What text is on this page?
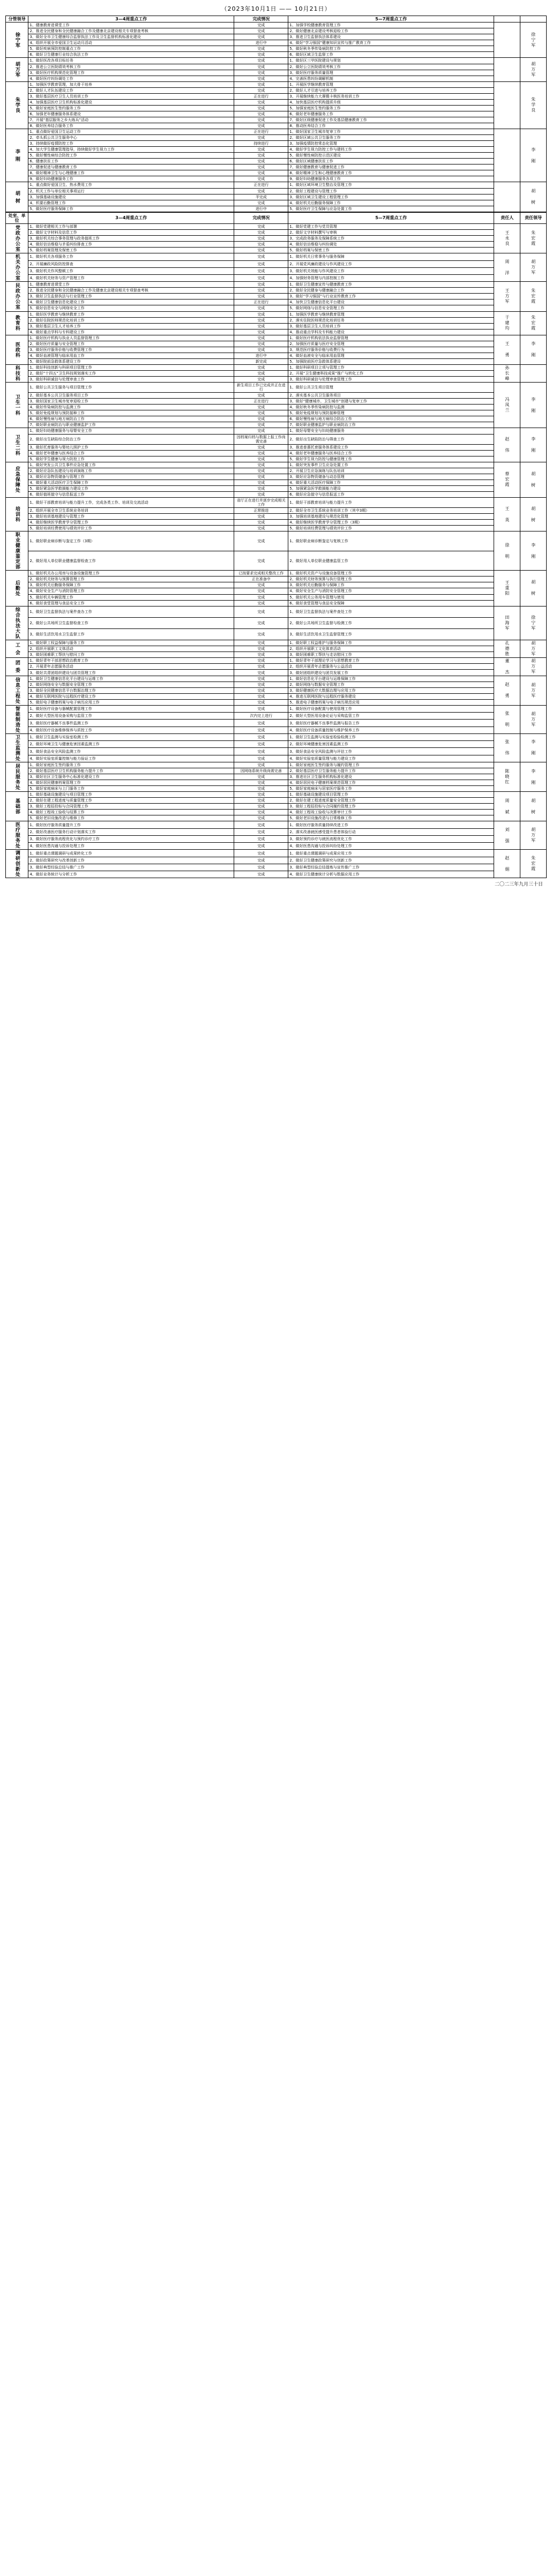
（2023年10月1日 —— 10月21日）
分管领导	3—4周重点工作	完成情况	5—7周重点工作		
徐宁军	1、健康教育进课堂工作	完成	1、加强学校健康教育管理工作		徐宁军
	2、推进全民健身和全民健康融合工作及健康北京建设相关专项督查考核	完成	2、做好健康北京建设考核迎检工作		
	3、做好全市卫生健康综合监督执法工作及卫生监督机构标准化建设	完成	3、推进卫生监督执法体系建设		
	4、组织开展全市爱国卫生运动月活动	进行中	4、做好“学习强国”健康知识宣传与推广教育工作		
	5、做好疾病预防控制重点工作	完成	5、做好秋冬季传染病防控工作		
	6、做好卫生健康行业综合执法工作	完成	6、做好区域卫生监督工作		
胡万军	1、做好医改各项目标任务	完成	1、做好区三甲医院建设与规划		胡万军
	2、推进公立医院绩效考核工作	完成	2、做好公立医院绩效考核工作		
	3、做好医疗机构规范化管理工作	完成	3、做好医疗服务质量管理		
	4、做好医疗纠纷调处工作	完成	4、完善医患纠纷调解机制		
朱学良	1、加强医学教育管理，加大骨干培养	完成	1、开展医学继续教育管理		朱学良
	2、做好人才队伍建设工作	完成	2、做好人才引进与培养工作		
	3、做好基层医疗卫生人员培训工作	正在进行	3、开展继续能力大赛暨卡核医务培训工作		
	4、加强基层医疗卫生机构标准化建设	完成	4、加快基层医疗机构提质升级		
	5、做好家庭医生签约服务工作	完成	5、加强家庭医生签约服务工作		
	6、加强老年健康服务体系建设	完成	6、做好老年健康服务工作		
	7、开展“基层服务之乡大练兵”活动	完成	7、做好区级健康促进工作及基层健康教育工作		
	8、做好医养结合服务工作	完成	8、推动医养结合工作		
李 刚	1、重点做好爱国卫生运动工作	正在进行	1、做好国家卫生城市复审工作		李 刚
	2、牵头抓公共卫生服务中心	完成	2、做好区域公共卫生服务工作		
	3、持续做好疫情防控工作	持续进行	3、加强疫情防控常态化管理		
	4、加大学生健康管理指导，持续做好学生视力工作	完成	4、做好学生视力防控工作与建档工作		
	5、做好慢性病综合防控工作	完成	5、做好慢性病防控示范区建设		
	6、健康扶贫工作	完成	6、做好区域健康扶贫工作		
	7、健康促进与健康教育工作	完成	7、做好健康教育与健康促进工作		
	8、做好精神卫生与心理健康工作	完成	8、做好精神卫生和心理健康教育工作		
	9、做好妇幼健康服务工作	完成	9、做好妇幼健康服务各项工作		
胡 树	1、重点做好爱国卫生、热水费用工作	正在进行	1、做好区域环境卫生整治及管理工作		胡 树
	2、机关工作与单位相关事项运行	完成	2、做好工程建设与管理工作		
	3、加强基础设施建设	半完成	3、做好区域卫生建设工程管理工作		
	4、机要后勤管理工作	完成	4、做好机关后勤服务保障工作		
	5、做好医疗服务保障工作	进行中	5、做好医疗卫生保障与应急处置工作		
处室、单位	3—4周重点工作	完成情况	5—7周重点工作	责任人	责任领导
党政办公室	1、做好党建相关工作与部署	完成	1、做好党建工作与党员管理	王永良	朱宏霞
	2、做好文字材料及信息工作	完成	2、做好文字材料撰写与审核		
	3、做好机关综合事务管理与政务值班工作	完成	3、完成政务服务及保障系统工作		
	4、做好信访维稳与矛盾纠纷排查工作	完成	4、做好信访维稳与纠纷调处		
	5、做好档案管理及保密工作	完成	5、做好档案与保密工作		
机关办公室	1、做好机关各项服务工作	完成	1、做好机关日常事务与服务保障	周 洋	胡万军
	2、开展廉政风险防控排查	完成	2、开展党风廉政建设与作风建设工作		
	3、做好机关作风整顿工作	完成	3、做好机关效能与作风建设工作		
	4、做好机关财务与资产管理工作	完成	4、加强财务管理与内部控制工作		
民政办公室	1、健康教育进课堂工作	完成	1、做好卫生健康宣传与健康教育工作	王方军	朱宏霞
	2、推进全民健身和全民健康融合工作及健康北京建设相关专项督查考核	完成	2、做好全民健身与健康融合工作		
	3、做好卫生监督执法与行业管理工作	完成	3、做好“学习强国”与行业宣传教育工作		
	4、做好卫生健康信息化建设工作	正在进行	4、加快卫生健康信息化平台建设		
	5、做好信息安全与网络安全工作	完成	5、做好网络与信息安全管理工作		
教育科	1、做好医学教育与继续教育工作	完成	1、加强医学教育与继续教育管理	于建均	朱宏霞
	2、做好住院医师规范化培训工作	完成	2、落实住院医师规范化培训任务		
	3、做好基层卫生人才培养工作	完成	3、做好基层卫生人员培训工作		
	4、做好重点学科与专科建设工作	完成	4、推动重点学科及专科能力建设		
医政科	1、做好医疗机构与执业人员监督管理工作	完成	1、做好医疗机构依法执业监督管理	王 勇	李 刚
	2、做好医疗质量与安全管理工作	完成	2、加强医疗质量与医疗安全管理		
	3、做好医疗服务价格与收费管理工作	完成	3、规范医疗服务价格与收费行为		
	4、做好血液管理与临床用血工作	进行中	4、做好血液安全与临床用血管理		
	5、做好院前急救体系建设工作	新完成	5、加强院前医疗急救体系建设		
科技科	1、做好科技创新与科研项目管理工作	完成	1、做好科研项目立项与管理工作	孙长峰	
	2、做好“十四五”卫生科技规划落实工作	完成	2、开展“卫生健康科技成果”推广与转化工作		
	3、做好科研诚信与伦理审查工作	完成	3、做好科研诚信与伦理审查管理工作		
卫生一科	1、做好公共卫生服务与项目管理工作	新生项目工作已完成并正在进行	1、做好公共卫生项目管理	冯凤兰	李 刚
	2、做好基本公共卫生服务项目工作	完成	2、落实基本公共卫生服务项目		
	3、做好国家卫生城市复审迎检工作	正在进行	3、做好“健康城市、卫生城市”创建与复审工作		
	4、做好传染病防控与监测工作	完成	4、做好秋冬季传染病防控与监测		
	5、做好免疫规划与预防接种工作	完成	5、做好免疫规划与预防接种管理		
	6、做好慢性病与地方病防治工作	完成	6、做好慢性病与地方病综合防治工作		
	7、做好职业病防治与职业健康监护工作	完成	7、做好职业健康监护与职业病防治工作		
卫生二科	1、做好妇幼健康服务与母婴安全工作	完成	1、做好母婴安全与妇幼健康服务	赵 伟	李 刚
	2、做好出生缺陷综合防治工作	因档案归档与数据上报工作尚需完善	2、做好出生缺陷防治与筛查工作		
	3、做好托育服务与婴幼儿照护工作	完成	3、推进普惠托育服务体系建设工作		
	4、做好老年健康与医养结合工作	完成	4、做好老年健康服务与医养结合工作		
	5、做好学生健康与视力防控工作	完成	5、做好学生视力防控与健康管理工作		
应急保障处	1、做好突发公共卫生事件应急处置工作	完成	1、做好突发事件卫生应急处置工作	蔡宏霞	胡 树
	2、做好应急队伍建设与培训演练工作	完成	2、开展卫生应急演练与队伍培训		
	3、做好应急物资储备与管理工作	完成	3、做好应急物资储备与动态管理		
	4、做好重大活动医疗卫生保障工作	完成	4、做好重大活动医疗保障工作		
	5、做好紧急医学救援能力建设工作	完成	5、加强紧急医学救援能力建设		
	6、做好值班值守与信息报送工作	完成	6、做好应急值守与信息报送工作		
培训科	1、做好干部教育培训与能力提升工作，完成各类工作、培训及交流活动	省厅正在进行并逐步完成相关工作	1、做好干部教育培训与能力提升工作	王 英	胡 树
	2、组织开展全市卫生系统业务培训	正常推进	2、做好全市卫生系统业务培训工作（其中3期）		
	3、做好培训基地建设与管理工作	完成	3、加强培训基地建设与规范化管理		
	4、做好继续医学教育学分管理工作	完成	4、做好继续医学教育学分管理工作（3期）		
	5、做好培训经费使用与绩效评价工作	完成	5、做好培训经费管理与绩效评价工作		
职业健康鉴定部	1、做好职业病诊断与鉴定工作（3期）	完成	1、做好职业病诊断鉴定与复核工作	徐 明	李 刚
	2、做好用人单位职业健康监督检查工作	完成	2、做好用人单位职业健康监管工作		
后勤处	1、做好机关办公用房与设备设施管理工作	已按要求完成相关整改工作	1、做好机关资产与设施设备管理工作	王重阳	胡 树
	2、做好机关财务与预算管理工作	正在准备中	2、做好机关财务预算与执行管理工作		
	3、做好机关后勤服务保障工作	完成	3、做好机关后勤服务与保障工作		
	4、做好安全生产与消防管理工作	完成	4、做好安全生产与消防安全管理工作		
	5、做好机关车辆管理工作	完成	5、做好机关公务用车管理与使用		
	6、做好食堂管理与食品安全工作	完成	6、做好食堂管理与食品安全保障		
综合执法大队	1、做好卫生监督执法与案件查办工作	完成	1、做好卫生监督执法与案件查处工作	田海军	徐宁军
	2、做好公共场所卫生监督检查工作	完成	2、做好公共场所卫生监督与检测工作		
	3、做好生活饮用水卫生监督工作	完成	3、做好生活饮用水卫生监督管理工作		
工 会	1、做好职工权益保障与服务工作	完成	1、做好职工权益维护与服务保障工作	孔德胜	胡万军
	2、组织开展职工文体活动	完成	2、组织开展职工文化体育活动		
	3、做好困难职工帮扶与慰问工作	完成	3、做好困难职工帮扶与走访慰问工作		
团 委	1、做好青年干部思想政治教育工作	完成	1、做好青年干部理论学习与思想教育工作	董 杰	胡万军
	2、开展青年志愿服务活动	完成	2、组织开展青年志愿服务与公益活动		
	3、做好共青团组织建设与团员管理工作	完成	3、做好团组织建设与团员发展工作		
信息工程处	1、做好卫生健康信息化平台建设与运维工作	完成	1、做好信息化平台建设与运维保障工作	赵 勇	胡万军
	2、做好网络安全与数据安全管理工作	完成	2、做好网络与数据安全管理工作		
	3、做好全民健康信息平台数据治理工作	完成	3、做好健康医疗大数据治理与应用工作		
	4、做好互联网医院与远程医疗建设工作	完成	4、推进互联网医院与远程医疗服务建设		
	5、做好电子健康档案与电子病历应用工作	完成	5、推进电子健康档案与电子病历规范应用		
智能制造处	1、做好医疗设备与器械配置管理工作	完成	1、做好医疗设备配置与使用管理工作	张 明	胡万军
	2、做好大型医用设备采购与监管工作	次内完上进行	2、做好大型医用设备论证与采购监管工作		
	3、做好医疗器械不良事件监测工作	完成	3、做好医疗器械不良事件监测与报告工作		
	4、做好医疗设备维修保养与质控工作	完成	4、做好医疗设备质量控制与维护保养工作		
卫生监测处	1、做好卫生监测与实验室检测工作	完成	1、做好卫生监测与实验室检验检测工作	张 伟	李 刚
	2、做好环境卫生与健康危害因素监测工作	完成	2、做好环境健康危害因素监测工作		
	3、做好食品安全风险监测工作	完成	3、做好食品安全风险监测与评估工作		
	4、做好实验室质量控制与能力验证工作	完成	4、做好实验室质量管理与能力建设工作		
居民服务处	1、做好家庭医生签约服务工作	完成	1、做好家庭医生签约服务与履约管理工作	陈晓红	李 刚
	2、做好基层医疗卫生机构服务能力提升工作	因网络系统升级尚需完善	2、做好基层医疗卫生服务能力提升工作		
	3、做好社区卫生服务中心标准化建设工作	完成	3、推进社区卫生服务机构标准化建设		
	4、做好居民健康档案管理工作	完成	4、做好居民电子健康档案规范管理工作		
	5、做好家庭病床与上门服务工作	完成	5、做好家庭病床与居家医疗服务工作		
基础部	1、做好基础设施建设与项目管理工作	完成	1、做好基础设施建设项目管理工作	周 斌	胡 树
	2、做好在建工程进度与质量管理工作	完成	2、做好在建工程进度质量安全管理工作		
	3、做好工程招投标与合同管理工作	完成	3、做好工程招投标与合同履约管理工作		
	4、做好工程竣工验收与结算工作	完成	4、做好工程竣工验收与决算审计工作		
	5、做好老旧设施改造与维修工作	完成	5、做好老旧设施改造与日常维修工作		
医疗服务处	1、做好医疗服务质量提升工作	完成	1、做好医疗服务质量持续改进工作	刘 强	胡万军
	2、做好改善医疗服务行动计划落实工作	完成	2、落实改善就医感受提升患者体验行动		
	3、做好医疗服务流程优化与预约诊疗工作	完成	3、做好预约诊疗与就医流程优化工作		
	4、做好医患沟通与投诉处理工作	完成	4、做好医患沟通与投诉纠纷处理工作		
调研创新处	1、做好重点课题调研与成果转化工作	完成	1、做好重点课题调研与成果应用工作	赵 娟	朱宏霞
	2、做好政策研究与改革创新工作	完成	2、做好卫生健康政策研究与创新工作		
	3、做好典型经验总结与推广工作	完成	3、做好典型经验总结提炼与宣传推广工作		
	4、做好业务统计与分析工作	完成	4、做好卫生健康统计分析与数据应用工作		
二〇二三年九月三十日
